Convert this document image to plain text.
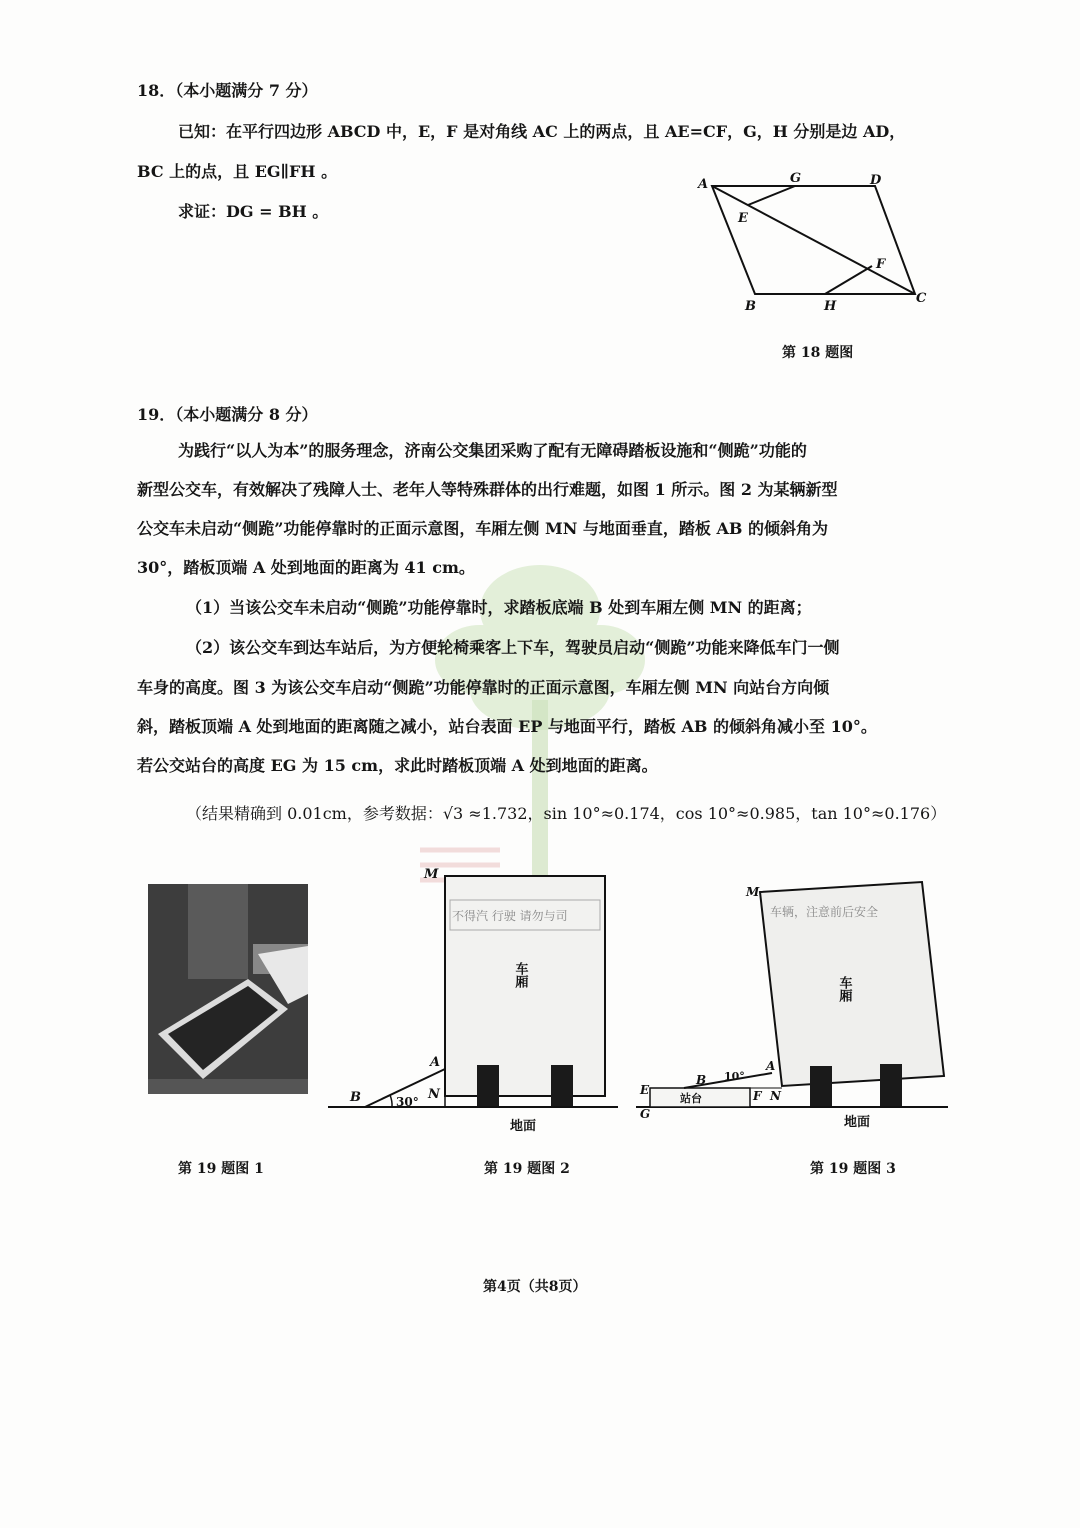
18．（本小题满分 7 分）
已知：在平行四边形 ABCD 中，E，F 是对角线 AC 上的两点，且 AE=CF，G，H 分别是边 AD，
BC 上的点，且 EG∥FH 。
求证：DG = BH 。
A	G	D
E
F
C
B	H
第 18 题图
19．（本小题满分 8 分）
为践行“以人为本”的服务理念，济南公交集团采购了配有无障碍踏板设施和“侧跪”功能的
新型公交车，有效解决了残障人士、老年人等特殊群体的出行难题，如图 1 所示。图 2 为某辆新型
公交车未启动“侧跪”功能停靠时的正面示意图，车厢左侧 MN 与地面垂直，踏板 AB 的倾斜角为
30°，踏板顶端 A 处到地面的距离为 41 cm。
（1）当该公交车未启动“侧跪”功能停靠时，求踏板底端 B 处到车厢左侧 MN 的距离；
（2）该公交车到达车站后，为方便轮椅乘客上下车，驾驶员启动“侧跪”功能来降低车门一侧
车身的高度。图 3 为该公交车启动“侧跪”功能停靠时的正面示意图，车厢左侧 MN 向站台方向倾
斜，踏板顶端 A 处到地面的距离随之减小，站台表面 EP 与地面平行，踏板 AB 的倾斜角减小至 10°。
若公交站台的高度 EG 为 15 cm，求此时踏板顶端 A 处到地面的距离。
（结果精确到 0.01cm，参考数据：√3 ≈1.732，sin 10°≈0.174，cos 10°≈0.985，tan 10°≈0.176）
第 19 题图 1
不得汽 行驶 请勿与司
M
A
B	N
30°
车厢
地面
第 19 题图 2
车辆，注意前后安全
M
A
B
N
E
G
F
10°
站台
车厢
地面
第 19 题图 3
第4页（共8页）
